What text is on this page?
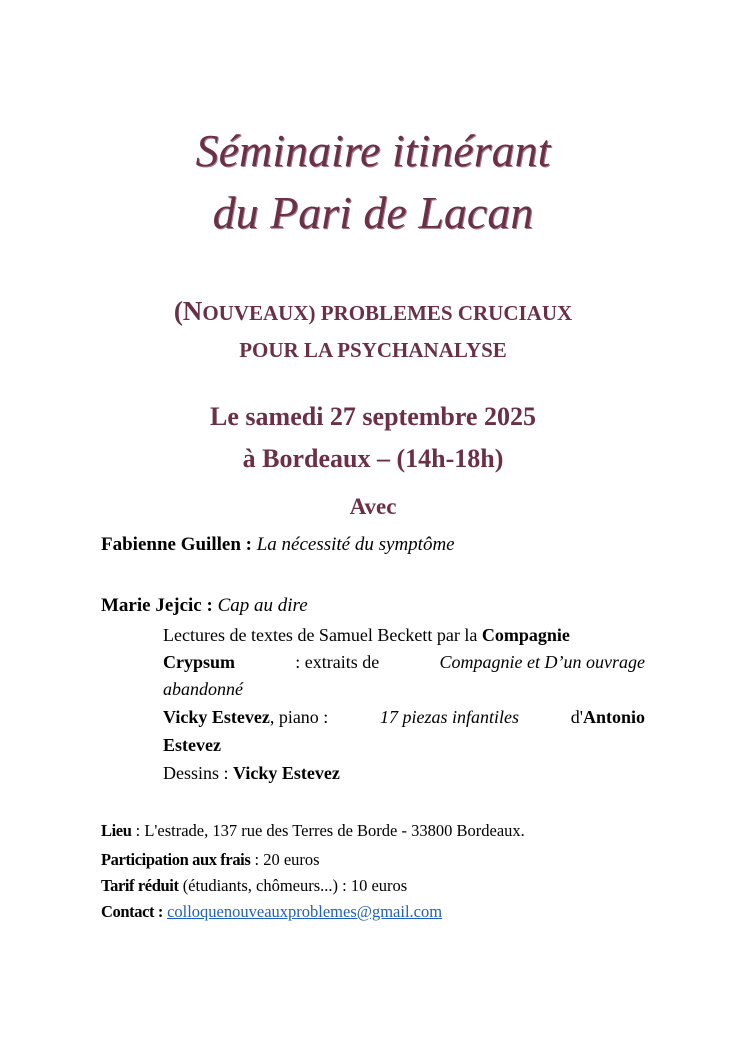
Séminaire itinérant
du Pari de Lacan
(NOUVEAUX) PROBLEMES CRUCIAUX
POUR LA PSYCHANALYSE
Le samedi 27 septembre 2025
à Bordeaux – (14h-18h)
Avec
Fabienne Guillen : La nécessité du symptôme
Marie Jejcic : Cap au dire
Lectures de textes de Samuel Beckett par la Compagnie
Crypsum	: extraits de	Compagnie et D’un ouvrage
abandonné
Vicky Estevez, piano :	17 piezas infantiles	d'Antonio
Estevez
Dessins : Vicky Estevez
Lieu : L'estrade, 137 rue des Terres de Borde - 33800 Bordeaux.
Participation aux frais : 20 euros
Tarif réduit (étudiants, chômeurs...) : 10 euros
Contact : colloquenouveauxproblemes@gmail.com
